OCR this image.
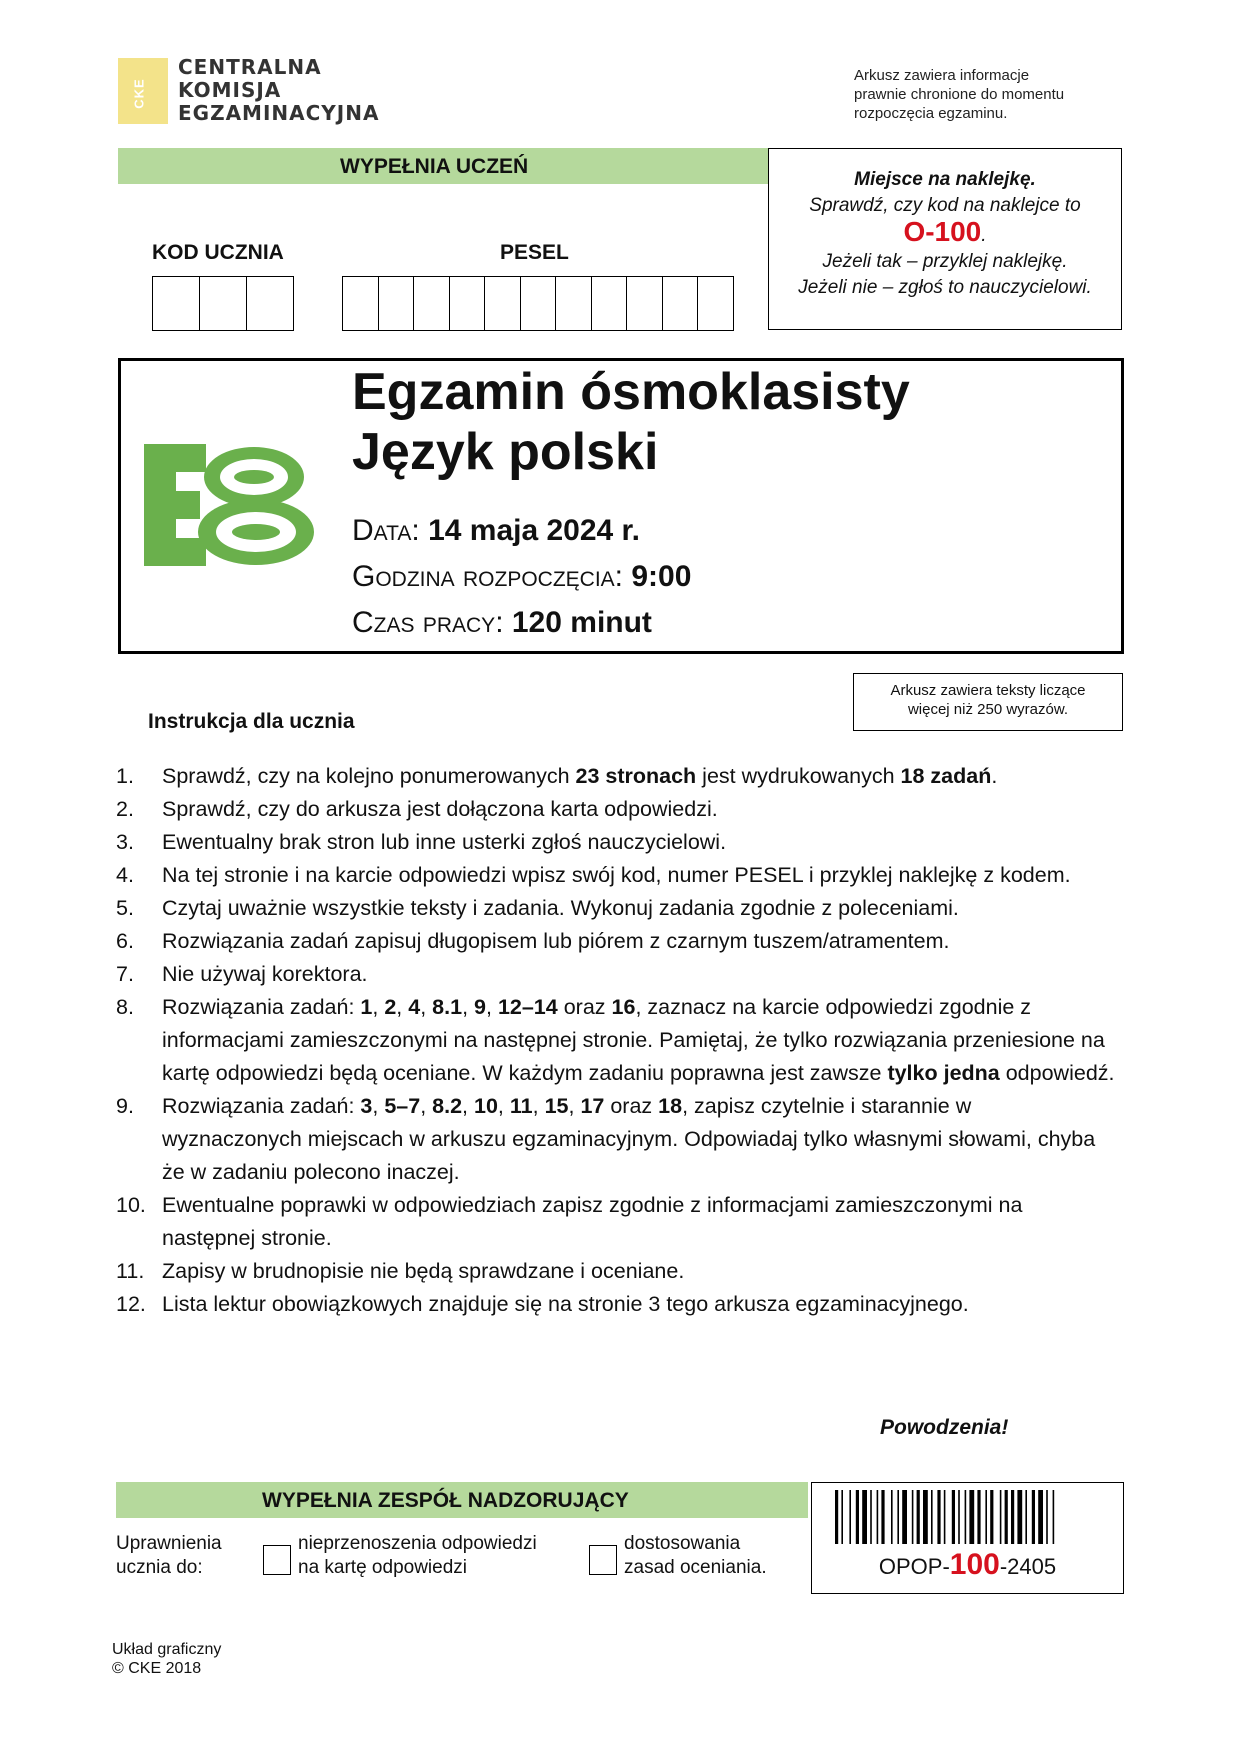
CKE
CENTRALNA
KOMISJA
EGZAMINACYJNA
Arkusz zawiera informacje
prawnie chronione do momentu
rozpoczęcia egzaminu.
WYPEŁNIA UCZEŃ
KOD UCZNIA	PESEL
Miejsce na naklejkę.
Sprawdź, czy kod na naklejce to
O-100.
Jeżeli tak – przyklej naklejkę.
Jeżeli nie – zgłoś to nauczycielowi.
Egzamin ósmoklasisty
Język polski
Data: 14 maja 2024 r.
Godzina rozpoczęcia: 9:00
Czas pracy: 120 minut
Arkusz zawiera teksty liczące
więcej niż 250 wyrazów.
Instrukcja dla ucznia
1.	Sprawdź, czy na kolejno ponumerowanych 23 stronach jest wydrukowanych 18 zadań.
2.	Sprawdź, czy do arkusza jest dołączona karta odpowiedzi.
3.	Ewentualny brak stron lub inne usterki zgłoś nauczycielowi.
4.	Na tej stronie i na karcie odpowiedzi wpisz swój kod, numer PESEL i przyklej naklejkę z kodem.
5.	Czytaj uważnie wszystkie teksty i zadania. Wykonuj zadania zgodnie z poleceniami.
6.	Rozwiązania zadań zapisuj długopisem lub piórem z czarnym tuszem/atramentem.
7.	Nie używaj korektora.
8.	Rozwiązania zadań: 1, 2, 4, 8.1, 9, 12–14 oraz 16, zaznacz na karcie odpowiedzi zgodnie z informacjami zamieszczonymi na następnej stronie. Pamiętaj, że tylko rozwiązania przeniesione na kartę odpowiedzi będą oceniane. W każdym zadaniu poprawna jest zawsze tylko jedna odpowiedź.
9.	Rozwiązania zadań: 3, 5–7, 8.2, 10, 11, 15, 17 oraz 18, zapisz czytelnie i starannie w wyznaczonych miejscach w arkuszu egzaminacyjnym. Odpowiadaj tylko własnymi słowami, chyba że w zadaniu polecono inaczej.
10. Ewentualne poprawki w odpowiedziach zapisz zgodnie z informacjami zamieszczonymi na następnej stronie.
11. Zapisy w brudnopisie nie będą sprawdzane i oceniane.
12. Lista lektur obowiązkowych znajduje się na stronie 3 tego arkusza egzaminacyjnego.
Powodzenia!
WYPEŁNIA ZESPÓŁ NADZORUJĄCY
Uprawnienia
ucznia do:
nieprzenoszenia odpowiedzi
na kartę odpowiedzi
dostosowania
zasad oceniania.	OPOP-100-2405
Układ graficzny
© CKE 2018
